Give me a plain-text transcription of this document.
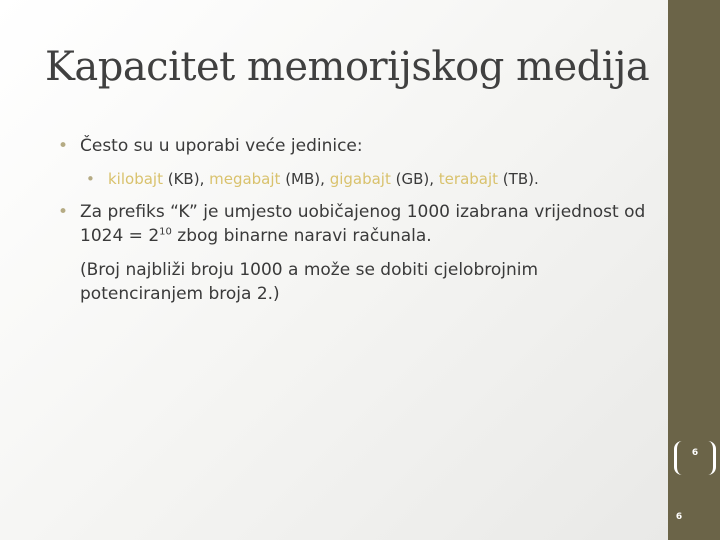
Kapacitet memorijskog medija
• Često su u uporabi veće jedinice:
• kilobajt (KB), megabajt (MB), gigabajt (GB), terabajt (TB).
• Za prefiks “K” je umjesto uobičajenog 1000 izabrana vrijednost od
$1024 = 2^{10}$ zbog binarne naravi računala.
(Broj najbliži broju 1000 a može se dobiti cjelobrojnim
potenciranjem broja 2.)
6
6
